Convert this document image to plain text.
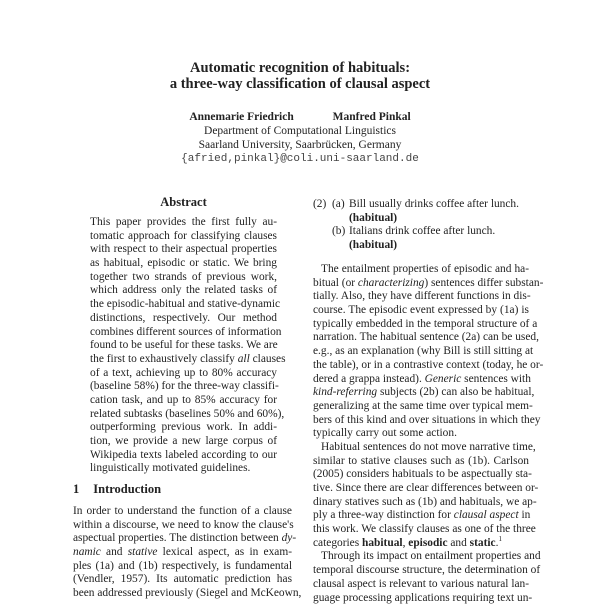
Automatic recognition of habituals:
a three-way classification of clausal aspect
Annemarie Friedrich	Manfred Pinkal
Department of Computational Linguistics
Saarland University, Saarbrücken, Germany
{afried,pinkal}@coli.uni-saarland.de
Abstract
This paper provides the first fully au-
tomatic approach for classifying clauses
with respect to their aspectual properties
as habitual, episodic or static. We bring
together two strands of previous work,
which address only the related tasks of
the episodic-habitual and stative-dynamic
distinctions, respectively. Our method
combines different sources of information
found to be useful for these tasks. We are
the first to exhaustively classify all clauses
of a text, achieving up to 80% accuracy
(baseline 58%) for the three-way classifi-
cation task, and up to 85% accuracy for
related subtasks (baselines 50% and 60%),
outperforming previous work. In addi-
tion, we provide a new large corpus of
Wikipedia texts labeled according to our
linguistically motivated guidelines.
1 Introduction
In order to understand the function of a clause
within a discourse, we need to know the clause's
aspectual properties. The distinction between dy-
namic and stative lexical aspect, as in exam-
ples (1a) and (1b) respectively, is fundamental
(Vendler, 1957). Its automatic prediction has
been addressed previously (Siegel and McKeown,
(2) (a) Bill usually drinks coffee after lunch.
(habitual)
(b) Italians drink coffee after lunch.
(habitual)
The entailment properties of episodic and ha-
bitual (or characterizing) sentences differ substan-
tially. Also, they have different functions in dis-
course. The episodic event expressed by (1a) is
typically embedded in the temporal structure of a
narration. The habitual sentence (2a) can be used,
e.g., as an explanation (why Bill is still sitting at
the table), or in a contrastive context (today, he or-
dered a grappa instead). Generic sentences with
kind-referring subjects (2b) can also be habitual,
generalizing at the same time over typical mem-
bers of this kind and over situations in which they
typically carry out some action.
Habitual sentences do not move narrative time,
similar to stative clauses such as (1b). Carlson
(2005) considers habituals to be aspectually sta-
tive. Since there are clear differences between or-
dinary statives such as (1b) and habituals, we ap-
ply a three-way distinction for clausal aspect in
this work. We classify clauses as one of the three
categories habitual, episodic and static.$^1$
Through its impact on entailment properties and
temporal discourse structure, the determination of
clausal aspect is relevant to various natural lan-
guage processing applications requiring text un-
